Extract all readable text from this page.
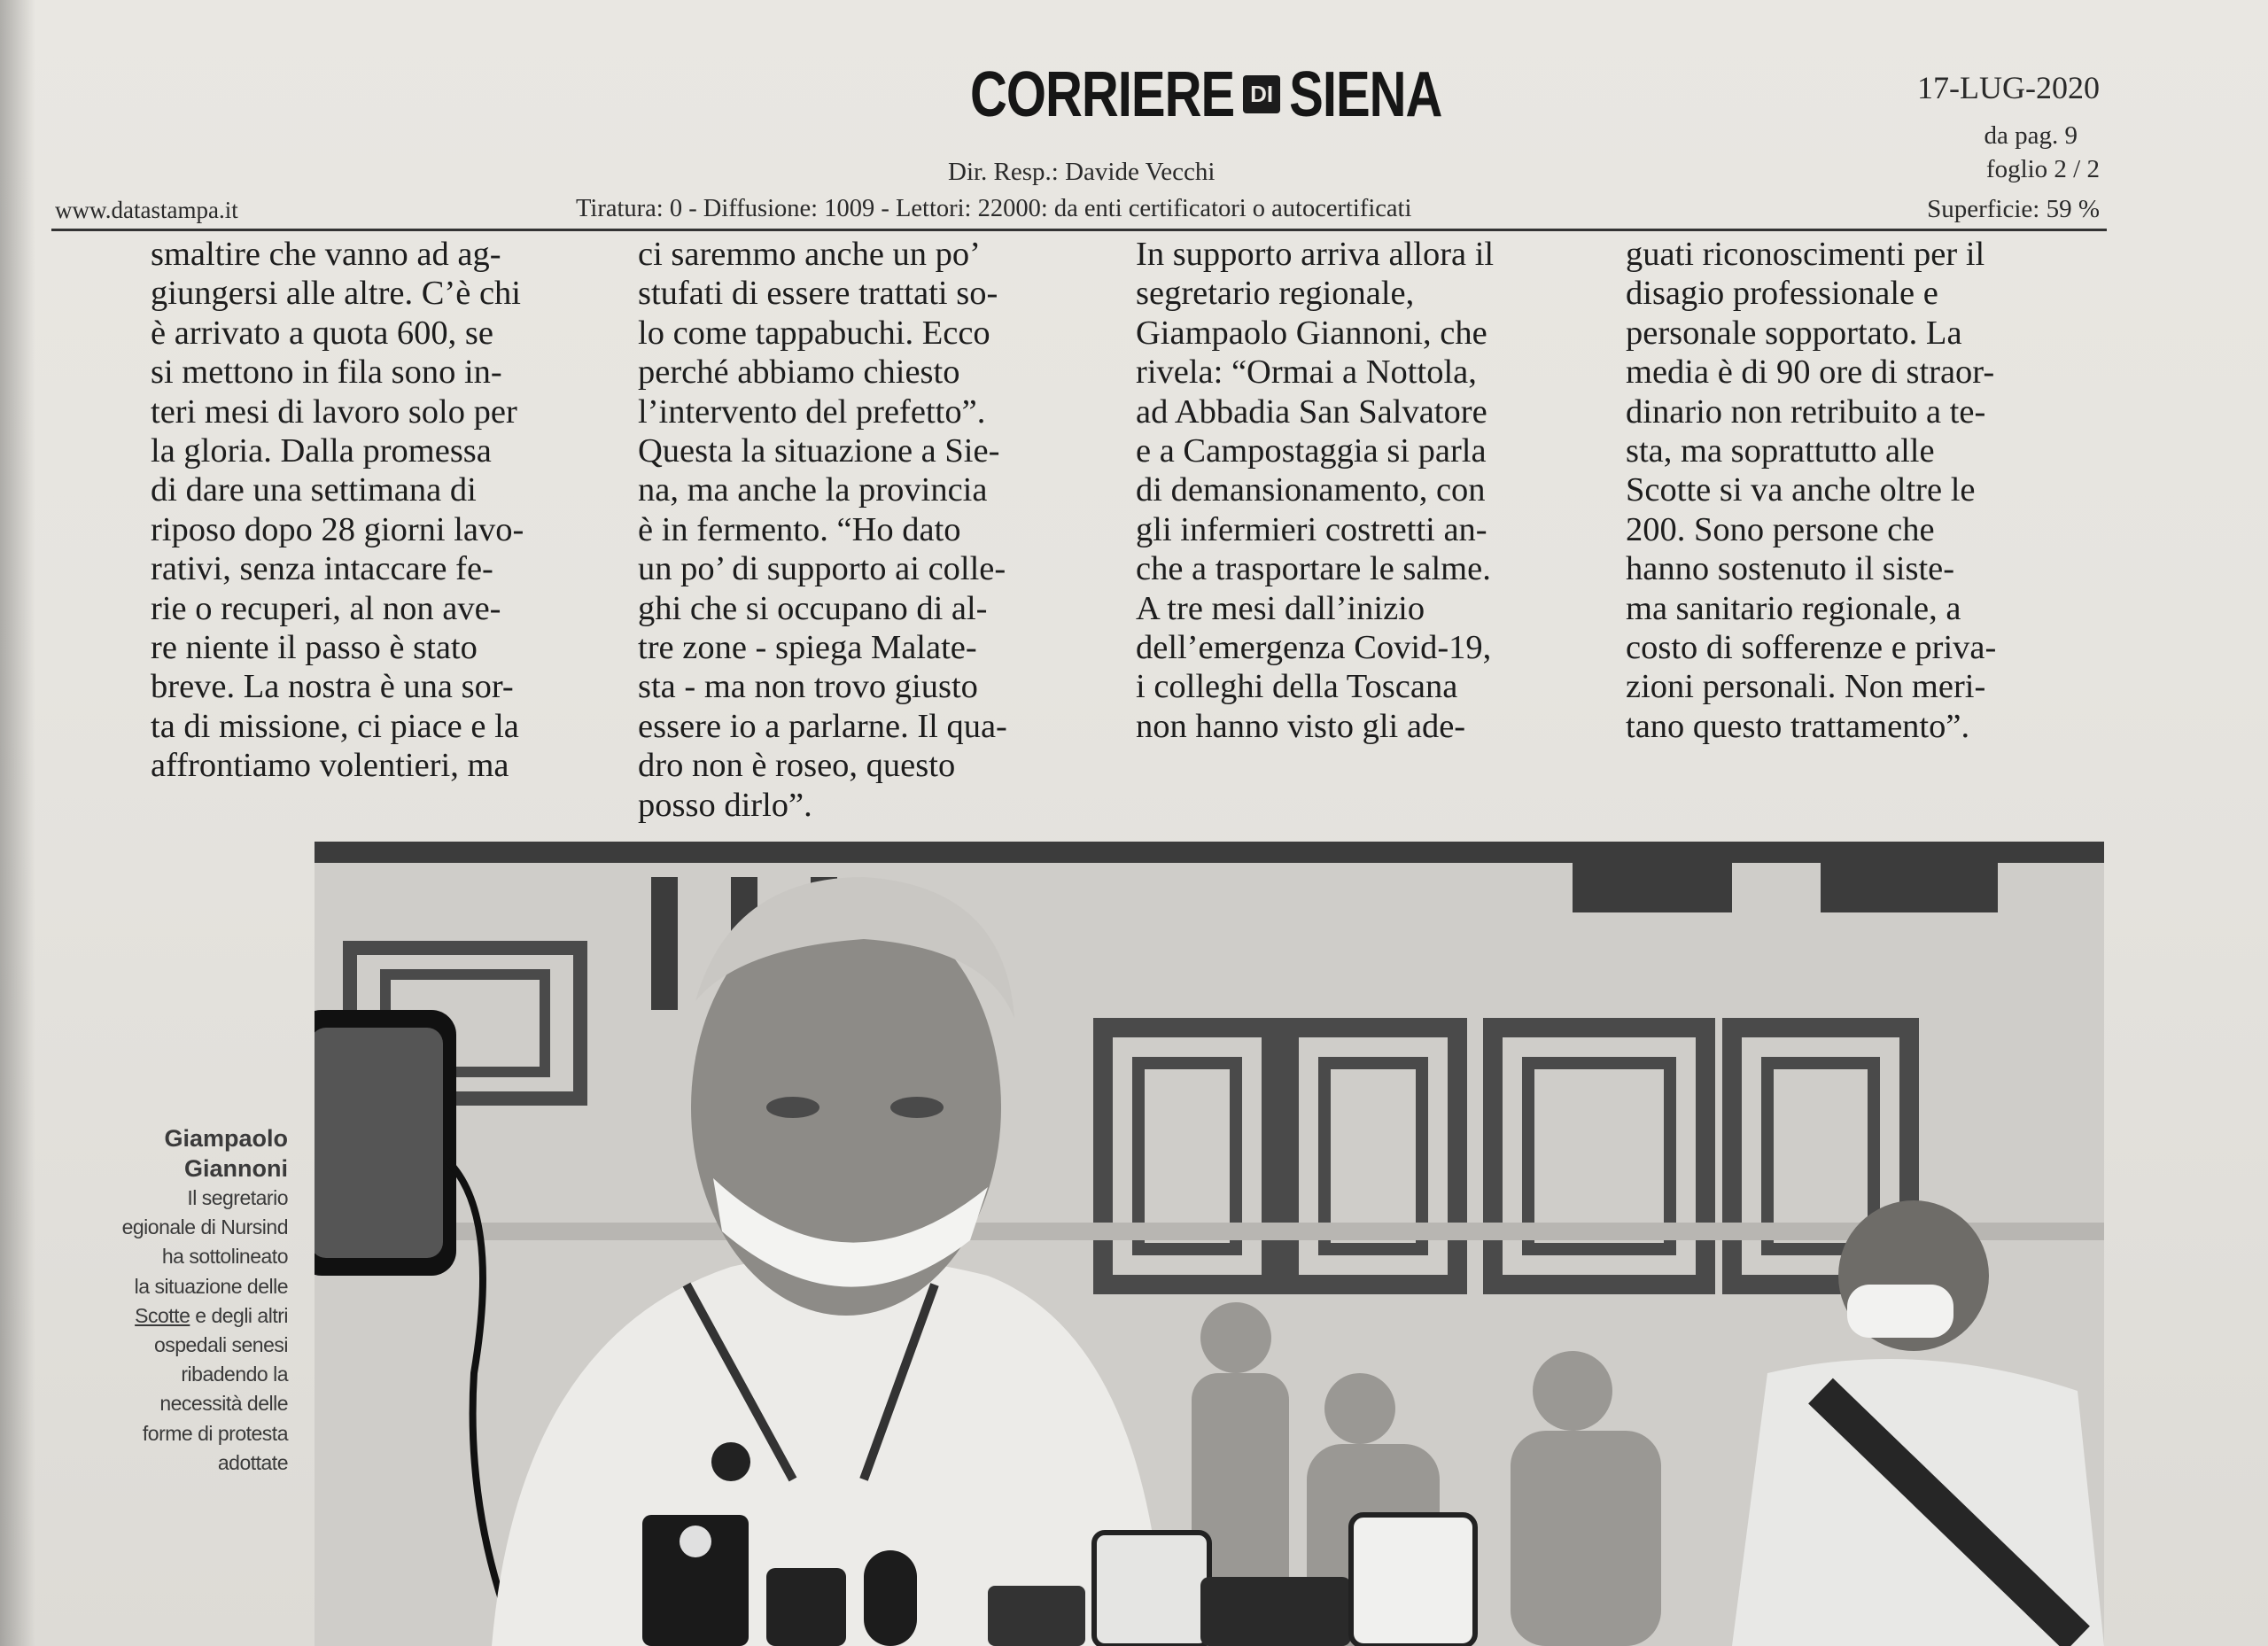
CORRIERE DI SIENA	17-LUG-2020
da pag. 9
foglio 2 / 2
Superficie: 59 %
Dir. Resp.: Davide Vecchi
www.datastampa.it	Tiratura: 0 - Diffusione: 1009 - Lettori: 22000: da enti certificatori o autocertificati
smaltire che vanno ad ag-
giungersi alle altre. C’è chi
è arrivato a quota 600, se
si mettono in fila sono in-
teri mesi di lavoro solo per
la gloria. Dalla promessa
di dare una settimana di
riposo dopo 28 giorni lavo-
rativi, senza intaccare fe-
rie o recuperi, al non ave-
re niente il passo è stato
breve. La nostra è una sor-
ta di missione, ci piace e la
affrontiamo volentieri, ma
ci saremmo anche un po’
stufati di essere trattati so-
lo come tappabuchi. Ecco
perché abbiamo chiesto
l’intervento del prefetto”.
Questa la situazione a Sie-
na, ma anche la provincia
è in fermento. “Ho dato
un po’ di supporto ai colle-
ghi che si occupano di al-
tre zone - spiega Malate-
sta - ma non trovo giusto
essere io a parlarne. Il qua-
dro non è roseo, questo
posso dirlo”.
In supporto arriva allora il
segretario regionale,
Giampaolo Giannoni, che
rivela: “Ormai a Nottola,
ad Abbadia San Salvatore
e a Campostaggia si parla
di demansionamento, con
gli infermieri costretti an-
che a trasportare le salme.
A tre mesi dall’inizio
dell’emergenza Covid-19,
i colleghi della Toscana
non hanno visto gli ade-
guati riconoscimenti per il
disagio professionale e
personale sopportato. La
media è di 90 ore di straor-
dinario non retribuito a te-
sta, ma soprattutto alle
Scotte si va anche oltre le
200. Sono persone che
hanno sostenuto il siste-
ma sanitario regionale, a
costo di sofferenze e priva-
zioni personali. Non meri-
tano questo trattamento”.
Giampaolo
Giannoni
Il segretario
egionale di Nursind
ha sottolineato
la situazione delle
Scotte e degli altri
ospedali senesi
ribadendo la
necessità delle
forme di protesta
adottate
